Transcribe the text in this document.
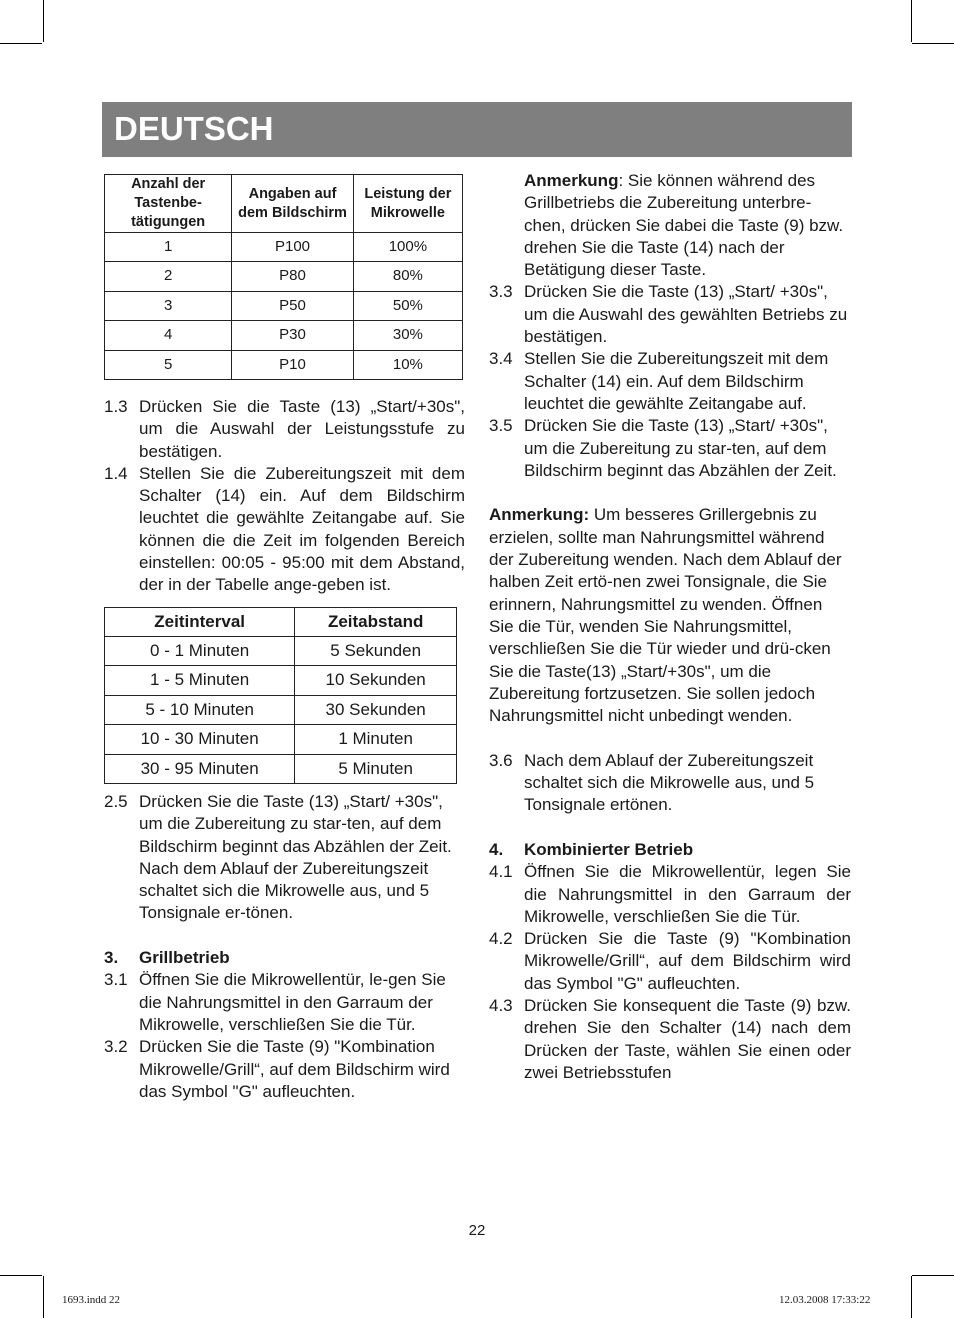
DEUTSCH
Anzahl der Tastenbe-tätigungen	Angaben auf dem Bildschirm	Leistung der Mikrowelle
1	P100	100%
2	P80	80%
3	P50	50%
4	P30	30%
5	P10	10%
1.3 Drücken Sie die Taste (13) „Start/+30s", um die Auswahl der Leistungsstufe zu bestätigen.
1.4 Stellen Sie die Zubereitungszeit mit dem Schalter (14) ein. Auf dem Bildschirm leuchtet die gewählte Zeitangabe auf. Sie können die die Zeit im folgenden Bereich einstellen: 00:05 - 95:00 mit dem Abstand, der in der Tabelle ange-geben ist.
Zeitinterval	Zeitabstand
0 - 1 Minuten	5 Sekunden
1 - 5 Minuten	10 Sekunden
5 - 10 Minuten	30 Sekunden
10 - 30 Minuten	1 Minuten
30 - 95 Minuten	5 Minuten
2.5 Drücken Sie die Taste (13) „Start/ +30s", um die Zubereitung zu star-ten, auf dem Bildschirm beginnt das Abzählen der Zeit. Nach dem Ablauf der Zubereitungszeit schaltet sich die Mikrowelle aus, und 5 Tonsignale er-tönen.
3.	Grillbetrieb
3.1 Öffnen Sie die Mikrowellentür, le-gen Sie die Nahrungsmittel in den Garraum der Mikrowelle, verschließen Sie die Tür.
3.2 Drücken Sie die Taste (9) "Kombination Mikrowelle/Grill“, auf dem Bildschirm wird das Symbol "G" aufleuchten.
Anmerkung: Sie können während des Grillbetriebs die Zubereitung unterbre-chen, drücken Sie dabei die Taste (9) bzw. drehen Sie die Taste (14) nach der Betätigung dieser Taste.
3.3 Drücken Sie die Taste (13) „Start/ +30s", um die Auswahl des gewählten Betriebs zu bestätigen.
3.4 Stellen Sie die Zubereitungszeit mit dem Schalter (14) ein. Auf dem Bildschirm leuchtet die gewählte Zeitangabe auf.
3.5 Drücken Sie die Taste (13) „Start/ +30s", um die Zubereitung zu star-ten, auf dem Bildschirm beginnt das Abzählen der Zeit.
Anmerkung: Um besseres Grillergebnis zu erzielen, sollte man Nahrungsmittel während der Zubereitung wenden. Nach dem Ablauf der halben Zeit ertö-nen zwei Tonsignale, die Sie erinnern, Nahrungsmittel zu wenden. Öffnen Sie die Tür, wenden Sie Nahrungsmittel, verschließen Sie die Tür wieder und drü-cken Sie die Taste(13) „Start/+30s", um die Zubereitung fortzusetzen. Sie sollen jedoch Nahrungsmittel nicht unbedingt wenden.
3.6 Nach dem Ablauf der Zubereitungszeit schaltet sich die Mikrowelle aus, und 5 Tonsignale ertönen.
4.	Kombinierter Betrieb
4.1 Öffnen Sie die Mikrowellentür, legen Sie die Nahrungsmittel in den Garraum der Mikrowelle, verschließen Sie die Tür.
4.2 Drücken Sie die Taste (9) "Kombination Mikrowelle/Grill“, auf dem Bildschirm wird das Symbol "G" aufleuchten.
4.3 Drücken Sie konsequent die Taste (9) bzw. drehen Sie den Schalter (14) nach dem Drücken der Taste, wählen Sie einen oder zwei Betriebsstufen
22
1693.indd 22	12.03.2008 17:33:22
